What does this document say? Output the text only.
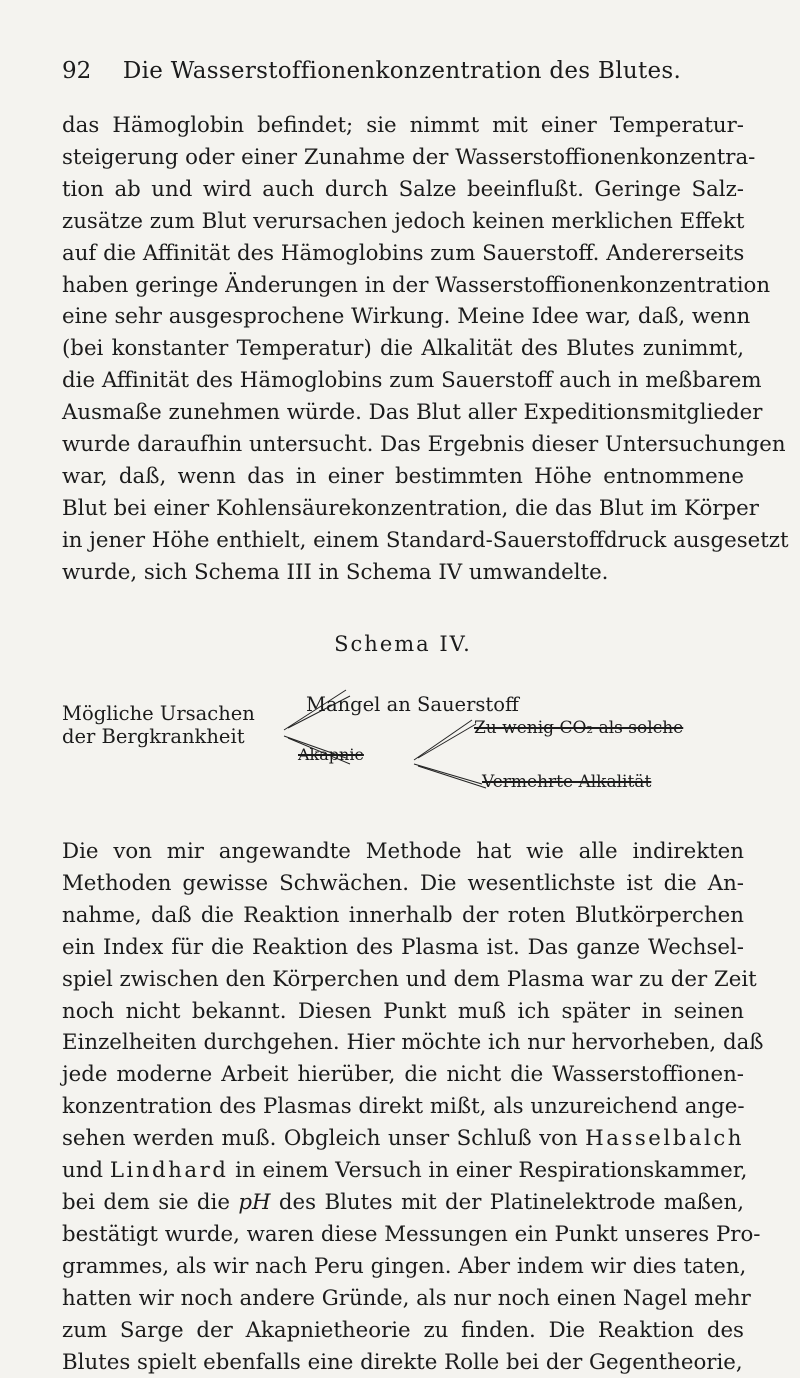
92	Die Wasserstoffionenkonzentration des Blutes.

das Hämoglobin befindet; sie nimmt mit einer Temperatur-
steigerung oder einer Zunahme der Wasserstoffionenkonzentra-
tion ab und wird auch durch Salze beeinflußt. Geringe Salz-
zusätze zum Blut verursachen jedoch keinen merklichen Effekt
auf die Affinität des Hämoglobins zum Sauerstoff. Andererseits
haben geringe Änderungen in der Wasserstoffionenkonzentration
eine sehr ausgesprochene Wirkung. Meine Idee war, daß, wenn
(bei konstanter Temperatur) die Alkalität des Blutes zunimmt,
die Affinität des Hämoglobins zum Sauerstoff auch in meßbarem
Ausmaße zunehmen würde. Das Blut aller Expeditionsmitglieder
wurde daraufhin untersucht. Das Ergebnis dieser Untersuchungen
war, daß, wenn das in einer bestimmten Höhe entnommene
Blut bei einer Kohlensäurekonzentration, die das Blut im Körper
in jener Höhe enthielt, einem Standard-Sauerstoffdruck ausgesetzt
wurde, sich Schema III in Schema IV umwandelte.

Schema IV.
Mögliche Ursachen
der Bergkrankheit
Mangel an Sauerstoff
Zu wenig CO₂ als solche
Akapnie
Vermehrte Alkalität

Die von mir angewandte Methode hat wie alle indirekten
Methoden gewisse Schwächen. Die wesentlichste ist die An-
nahme, daß die Reaktion innerhalb der roten Blutkörperchen
ein Index für die Reaktion des Plasma ist. Das ganze Wechsel-
spiel zwischen den Körperchen und dem Plasma war zu der Zeit
noch nicht bekannt. Diesen Punkt muß ich später in seinen
Einzelheiten durchgehen. Hier möchte ich nur hervorheben, daß
jede moderne Arbeit hierüber, die nicht die Wasserstoffionen-
konzentration des Plasmas direkt mißt, als unzureichend ange-
sehen werden muß. Obgleich unser Schluß von Hasselbalch
und Lindhard in einem Versuch in einer Respirationskammer,
bei dem sie die pH des Blutes mit der Platinelektrode maßen,
bestätigt wurde, waren diese Messungen ein Punkt unseres Pro-
grammes, als wir nach Peru gingen. Aber indem wir dies taten,
hatten wir noch andere Gründe, als nur noch einen Nagel mehr
zum Sarge der Akapnietheorie zu finden. Die Reaktion des
Blutes spielt ebenfalls eine direkte Rolle bei der Gegentheorie,
